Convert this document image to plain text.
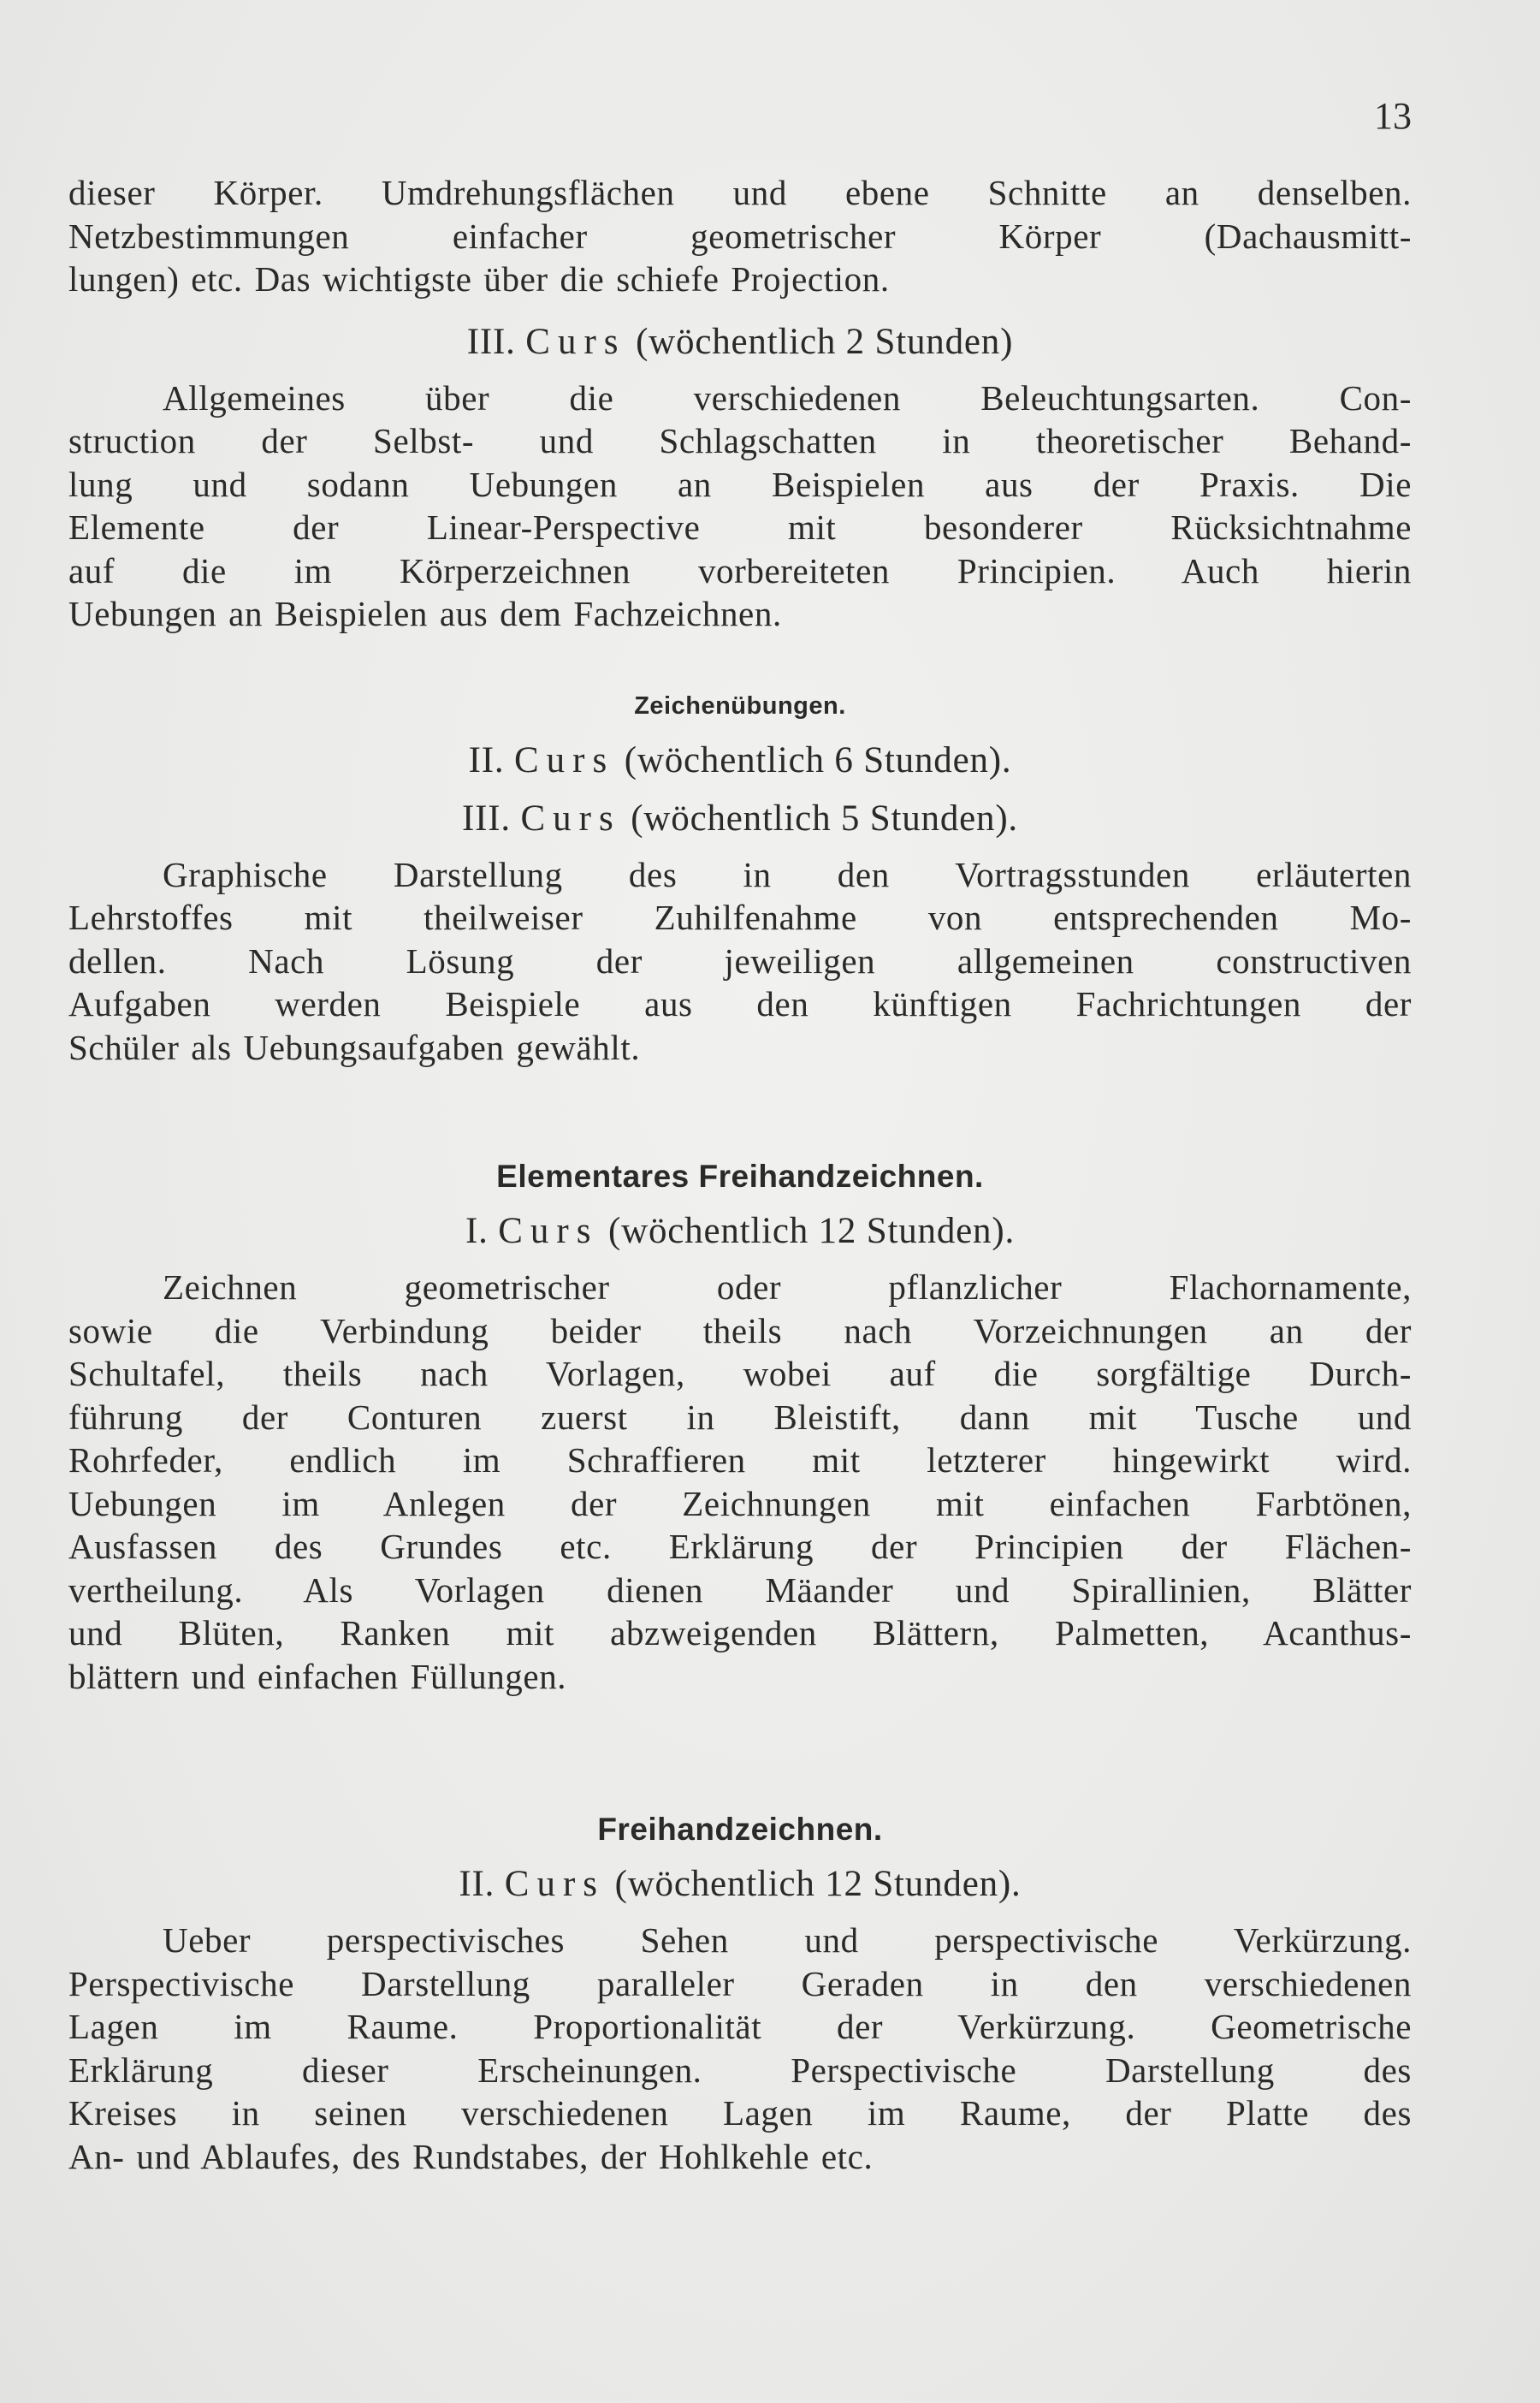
13

dieser Körper. Umdrehungsflächen und ebene Schnitte an denselben.
Netzbestimmungen einfacher geometrischer Körper (Dachausmitt-
lungen) etc. Das wichtigste über die schiefe Projection.

III. Curs (wöchentlich 2 Stunden)

Allgemeines über die verschiedenen Beleuchtungsarten. Con-
struction der Selbst- und Schlagschatten in theoretischer Behand-
lung und sodann Uebungen an Beispielen aus der Praxis. Die
Elemente der Linear-Perspective mit besonderer Rücksichtnahme
auf die im Körperzeichnen vorbereiteten Principien. Auch hierin
Uebungen an Beispielen aus dem Fachzeichnen.

Zeichenübungen.

II. Curs (wöchentlich 6 Stunden).

III. Curs (wöchentlich 5 Stunden).

Graphische Darstellung des in den Vortragsstunden erläuterten
Lehrstoffes mit theilweiser Zuhilfenahme von entsprechenden Mo-
dellen. Nach Lösung der jeweiligen allgemeinen constructiven
Aufgaben werden Beispiele aus den künftigen Fachrichtungen der
Schüler als Uebungsaufgaben gewählt.

Elementares Freihandzeichnen.

I. Curs (wöchentlich 12 Stunden).

Zeichnen geometrischer oder pflanzlicher Flachornamente,
sowie die Verbindung beider theils nach Vorzeichnungen an der
Schultafel, theils nach Vorlagen, wobei auf die sorgfältige Durch-
führung der Conturen zuerst in Bleistift, dann mit Tusche und
Rohrfeder, endlich im Schraffieren mit letzterer hingewirkt wird.
Uebungen im Anlegen der Zeichnungen mit einfachen Farbtönen,
Ausfassen des Grundes etc. Erklärung der Principien der Flächen-
vertheilung. Als Vorlagen dienen Mäander und Spirallinien, Blätter
und Blüten, Ranken mit abzweigenden Blättern, Palmetten, Acanthus-
blättern und einfachen Füllungen.

Freihandzeichnen.

II. Curs (wöchentlich 12 Stunden).

Ueber perspectivisches Sehen und perspectivische Verkürzung.
Perspectivische Darstellung paralleler Geraden in den verschiedenen
Lagen im Raume. Proportionalität der Verkürzung. Geometrische
Erklärung dieser Erscheinungen. Perspectivische Darstellung des
Kreises in seinen verschiedenen Lagen im Raume, der Platte des
An- und Ablaufes, des Rundstabes, der Hohlkehle etc.
